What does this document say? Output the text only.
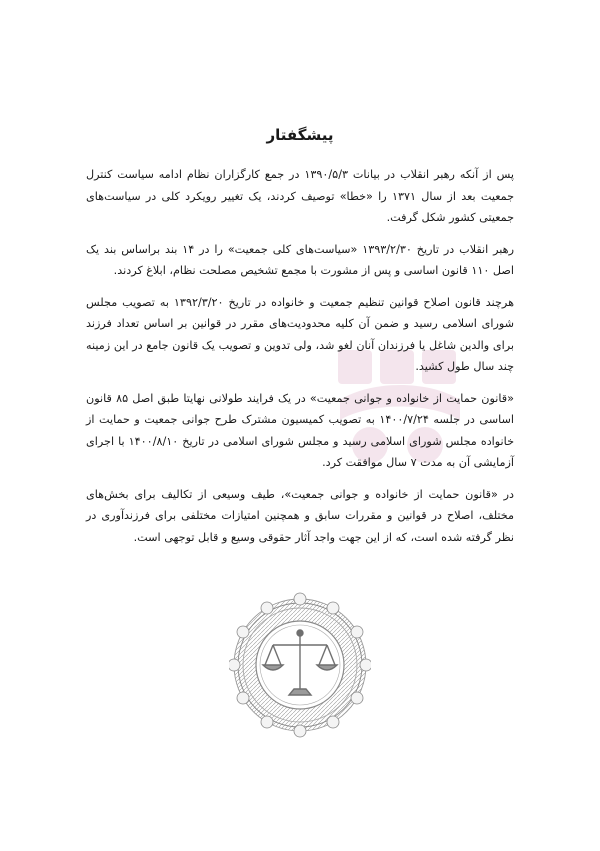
پیشگفتار

پس از آنکه رهبر انقلاب در بیانات ۱۳۹۰/۵/۳ در جمع کارگزاران نظام ادامه سیاست کنترل جمعیت بعد از سال ۱۳۷۱ را «خطا» توصیف کردند، یک تغییر رویکرد کلی در سیاست‌های جمعیتی کشور شکل گرفت.

رهبر انقلاب در تاریخ ۱۳۹۳/۲/۳۰ «سیاست‌های کلی جمعیت» را در ۱۴ بند براساس بند یک اصل ۱۱۰ قانون اساسی و پس از مشورت با مجمع تشخیص مصلحت نظام، ابلاغ کردند.

هرچند قانون اصلاح قوانین تنظیم جمعیت و خانواده در تاریخ ۱۳۹۲/۳/۲۰ به تصویب مجلس شورای اسلامی رسید و ضمن آن کلیه محدودیت‌های مقرر در قوانین بر اساس تعداد فرزند برای والدین شاغل یا فرزندان آنان لغو شد، ولی تدوین و تصویب یک قانون جامع در این زمینه چند سال طول کشید.

«قانون حمایت از خانواده و جوانی جمعیت» در یک فرایند طولانی نهایتا طبق اصل ۸۵ قانون اساسی در جلسه ۱۴۰۰/۷/۲۴ به تصویب کمیسیون مشترک طرح جوانی جمعیت و حمایت از خانواده مجلس شورای اسلامی رسید و مجلس شورای اسلامی در تاریخ ۱۴۰۰/۸/۱۰ با اجرای آزمایشی آن به مدت ۷ سال موافقت کرد.

در «قانون حمایت از خانواده و جوانی جمعیت»، طیف وسیعی از تکالیف برای بخش‌های مختلف، اصلاح در قوانین و مقررات سابق و همچنین امتیازات مختلفی برای فرزندآوری در نظر گرفته شده است، که از این جهت واجد آثار حقوقی وسیع و قابل توجهی است.
